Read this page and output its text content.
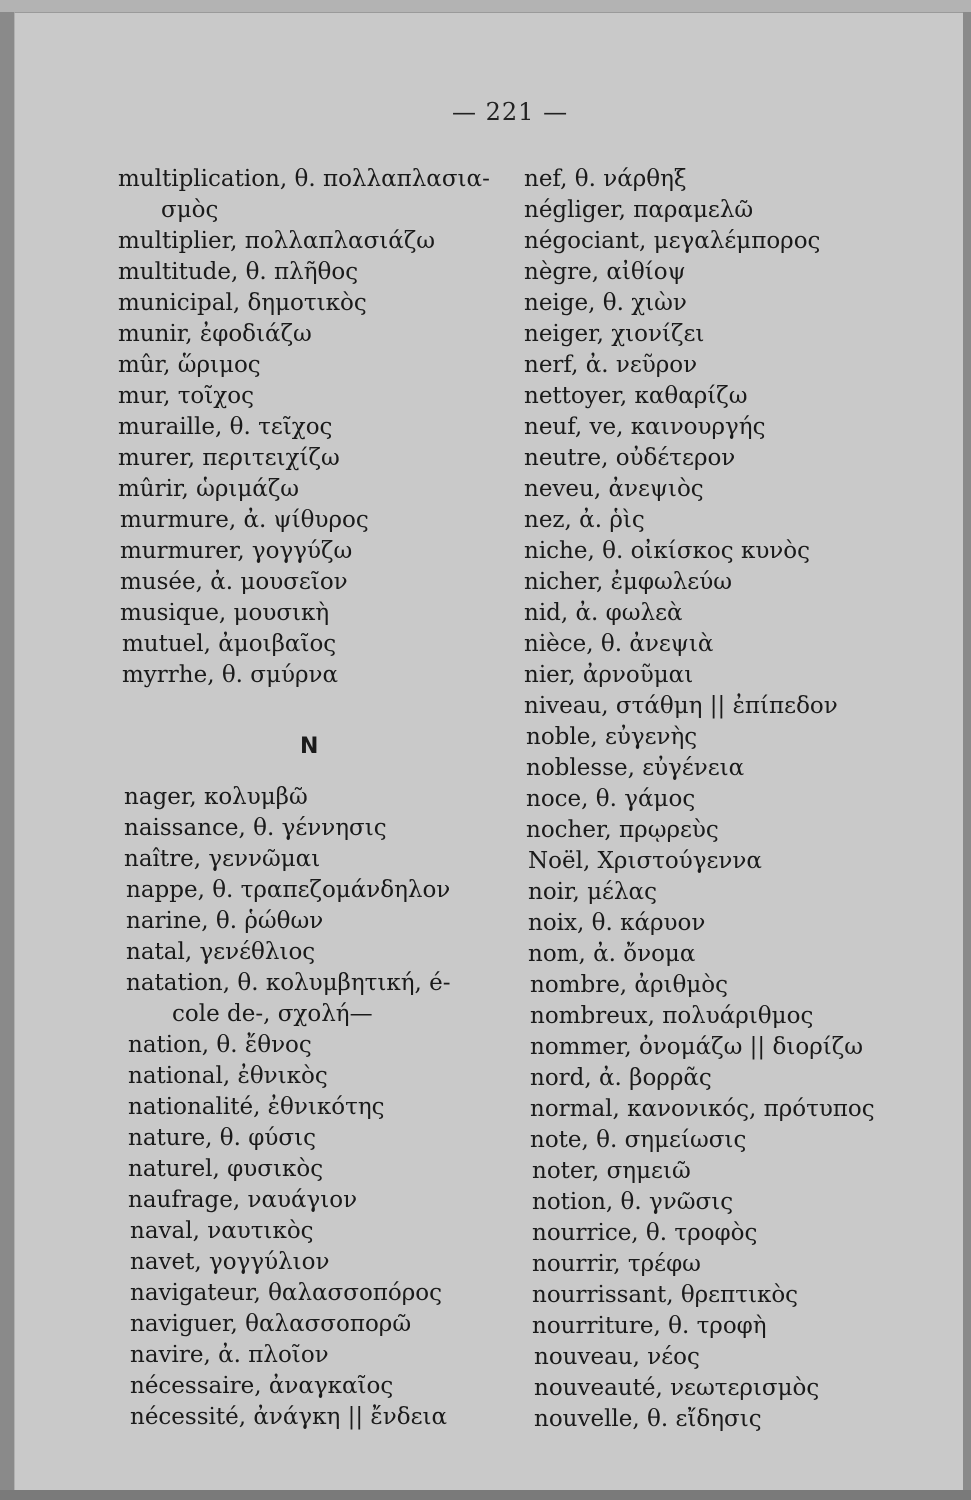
— 221 —
multiplication, θ. πολλαπλασια-
σμὸς
multiplier, πολλαπλασιάζω
multitude, θ. πλῆθος
municipal, δημοτικὸς
munir, ἐφοδιάζω
mûr, ὥριμος
mur, τοῖχος
muraille, θ. τεῖχος
murer, περιτειχίζω
mûrir, ὡριμάζω
murmure, ἀ. ψίθυρος
murmurer, γογγύζω
musée, ἀ. μουσεῖον
musique, μουσικὴ
mutuel, ἀμοιβαῖος
myrrhe, θ. σμύρνα
nager, κολυμβῶ
naissance, θ. γέννησις
naître, γεννῶμαι
nappe, θ. τραπεζομάνδηλον
narine, θ. ῥώθων
natal, γενέθλιος
natation, θ. κολυμβητική, é-
cole de-, σχολή—
nation, θ. ἔθνος
national, ἐθνικὸς
nationalité, ἐθνικότης
nature, θ. φύσις
naturel, φυσικὸς
naufrage, ναυάγιον
naval, ναυτικὸς
navet, γογγύλιον
navigateur, θαλασσοπόρος
naviguer, θαλασσοπορῶ
navire, ἀ. πλοῖον
nécessaire, ἀναγκαῖος
nécessité, ἀνάγκη || ἔνδεια
N
nef, θ. νάρθηξ
négliger, παραμελῶ
négociant, μεγαλέμπορος
nègre, αἰθίοψ
neige, θ. χιὼν
neiger, χιονίζει
nerf, ἀ. νεῦρον
nettoyer, καθαρίζω
neuf, ve, καινουργής
neutre, οὐδέτερον
neveu, ἀνεψιὸς
nez, ἀ. ῥὶς
niche, θ. οἰκίσκος κυνὸς
nicher, ἐμφωλεύω
nid, ἀ. φωλεὰ
nièce, θ. ἀνεψιὰ
nier, ἀρνοῦμαι
niveau, στάθμη || ἐπίπεδον
noble, εὐγενὴς
noblesse, εὐγένεια
noce, θ. γάμος
nocher, πρῳρεὺς
Noël, Χριστούγεννα
noir, μέλας
noix, θ. κάρυον
nom, ἀ. ὄνομα
nombre, ἀριθμὸς
nombreux, πολυάριθμος
nommer, ὀνομάζω || διορίζω
nord, ἀ. βορρᾶς
normal, κανονικός, πρότυπος
note, θ. σημείωσις
noter, σημειῶ
notion, θ. γνῶσις
nourrice, θ. τροφὸς
nourrir, τρέφω
nourrissant, θρεπτικὸς
nourriture, θ. τροφὴ
nouveau, νέος
nouveauté, νεωτερισμὸς
nouvelle, θ. εἴδησις
